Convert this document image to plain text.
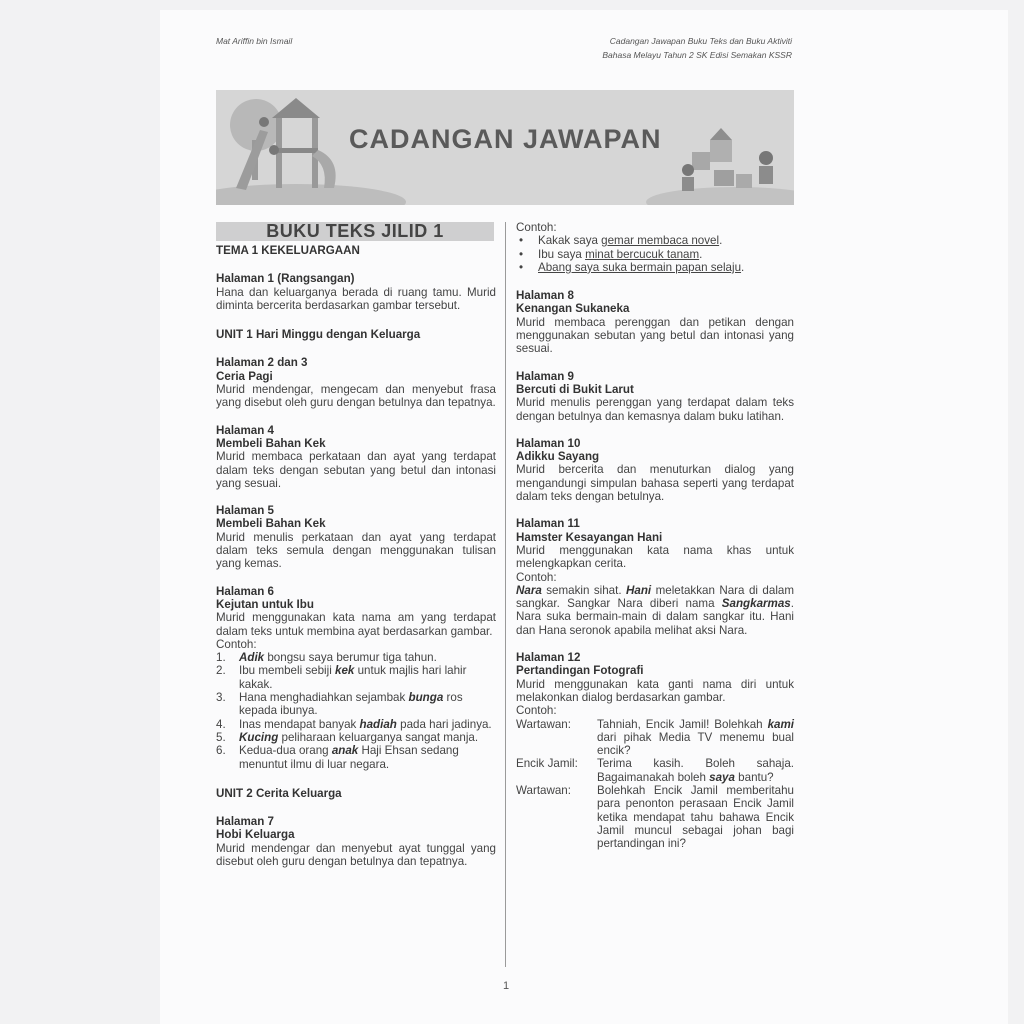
Mat Ariffin bin Ismail	Cadangan Jawapan Buku Teks dan Buku Aktiviti
Bahasa Melayu Tahun 2 SK Edisi Semakan KSSR
CADANGAN JAWAPAN
BUKU TEKS JILID 1

TEMA 1 KEKELUARGAAN

Halaman 1 (Rangsangan)

Hana dan keluarganya berada di ruang tamu. Murid diminta bercerita berdasarkan gambar tersebut.

UNIT 1 Hari Minggu dengan Keluarga

Halaman 2 dan 3

Ceria Pagi

Murid mendengar, mengecam dan menyebut frasa yang disebut oleh guru dengan betulnya dan tepatnya.

Halaman 4

Membeli Bahan Kek

Murid membaca perkataan dan ayat yang terdapat dalam teks dengan sebutan yang betul dan intonasi yang sesuai.

Halaman 5

Membeli Bahan Kek

Murid menulis perkataan dan ayat yang terdapat dalam teks semula dengan menggunakan tulisan yang kemas.

Halaman 6

Kejutan untuk Ibu

Murid menggunakan kata nama am yang terdapat dalam teks untuk membina ayat berdasarkan gambar.

Contoh:

1. Adik bongsu saya berumur tiga tahun.
2. Ibu membeli sebiji kek untuk majlis hari lahir kakak.
3. Hana menghadiahkan sejambak bunga ros kepada ibunya.
4. Inas mendapat banyak hadiah pada hari jadinya.
5. Kucing peliharaan keluarganya sangat manja.
6. Kedua-dua orang anak Haji Ehsan sedang menuntut ilmu di luar negara.

UNIT 2 Cerita Keluarga

Halaman 7

Hobi Keluarga

Murid mendengar dan menyebut ayat tunggal yang disebut oleh guru dengan betulnya dan tepatnya.

Contoh:

• Kakak saya gemar membaca novel.
• Ibu saya minat bercucuk tanam.
• Abang saya suka bermain papan selaju.

Halaman 8

Kenangan Sukaneka

Murid membaca perenggan dan petikan dengan menggunakan sebutan yang betul dan intonasi yang sesuai.

Halaman 9

Bercuti di Bukit Larut

Murid menulis perenggan yang terdapat dalam teks dengan betulnya dan kemasnya dalam buku latihan.

Halaman 10

Adikku Sayang

Murid bercerita dan menuturkan dialog yang mengandungi simpulan bahasa seperti yang terdapat dalam teks dengan betulnya.

Halaman 11

Hamster Kesayangan Hani

Murid menggunakan kata nama khas untuk melengkapkan cerita.

Contoh:

Nara semakin sihat. Hani meletakkan Nara di dalam sangkar. Sangkar Nara diberi nama Sangkarmas. Nara suka bermain-main di dalam sangkar itu. Hani dan Hana seronok apabila melihat aksi Nara.

Halaman 12

Pertandingan Fotografi

Murid menggunakan kata ganti nama diri untuk melakonkan dialog berdasarkan gambar.

Contoh:

Wartawan:	Tahniah, Encik Jamil! Bolehkah kami dari pihak Media TV menemu bual encik?
Encik Jamil:	Terima kasih. Boleh sahaja. Bagaimanakah boleh saya bantu?
Wartawan:	Bolehkah Encik Jamil memberitahu para penonton perasaan Encik Jamil ketika mendapat tahu bahawa Encik Jamil muncul sebagai johan bagi pertandingan ini?
1
